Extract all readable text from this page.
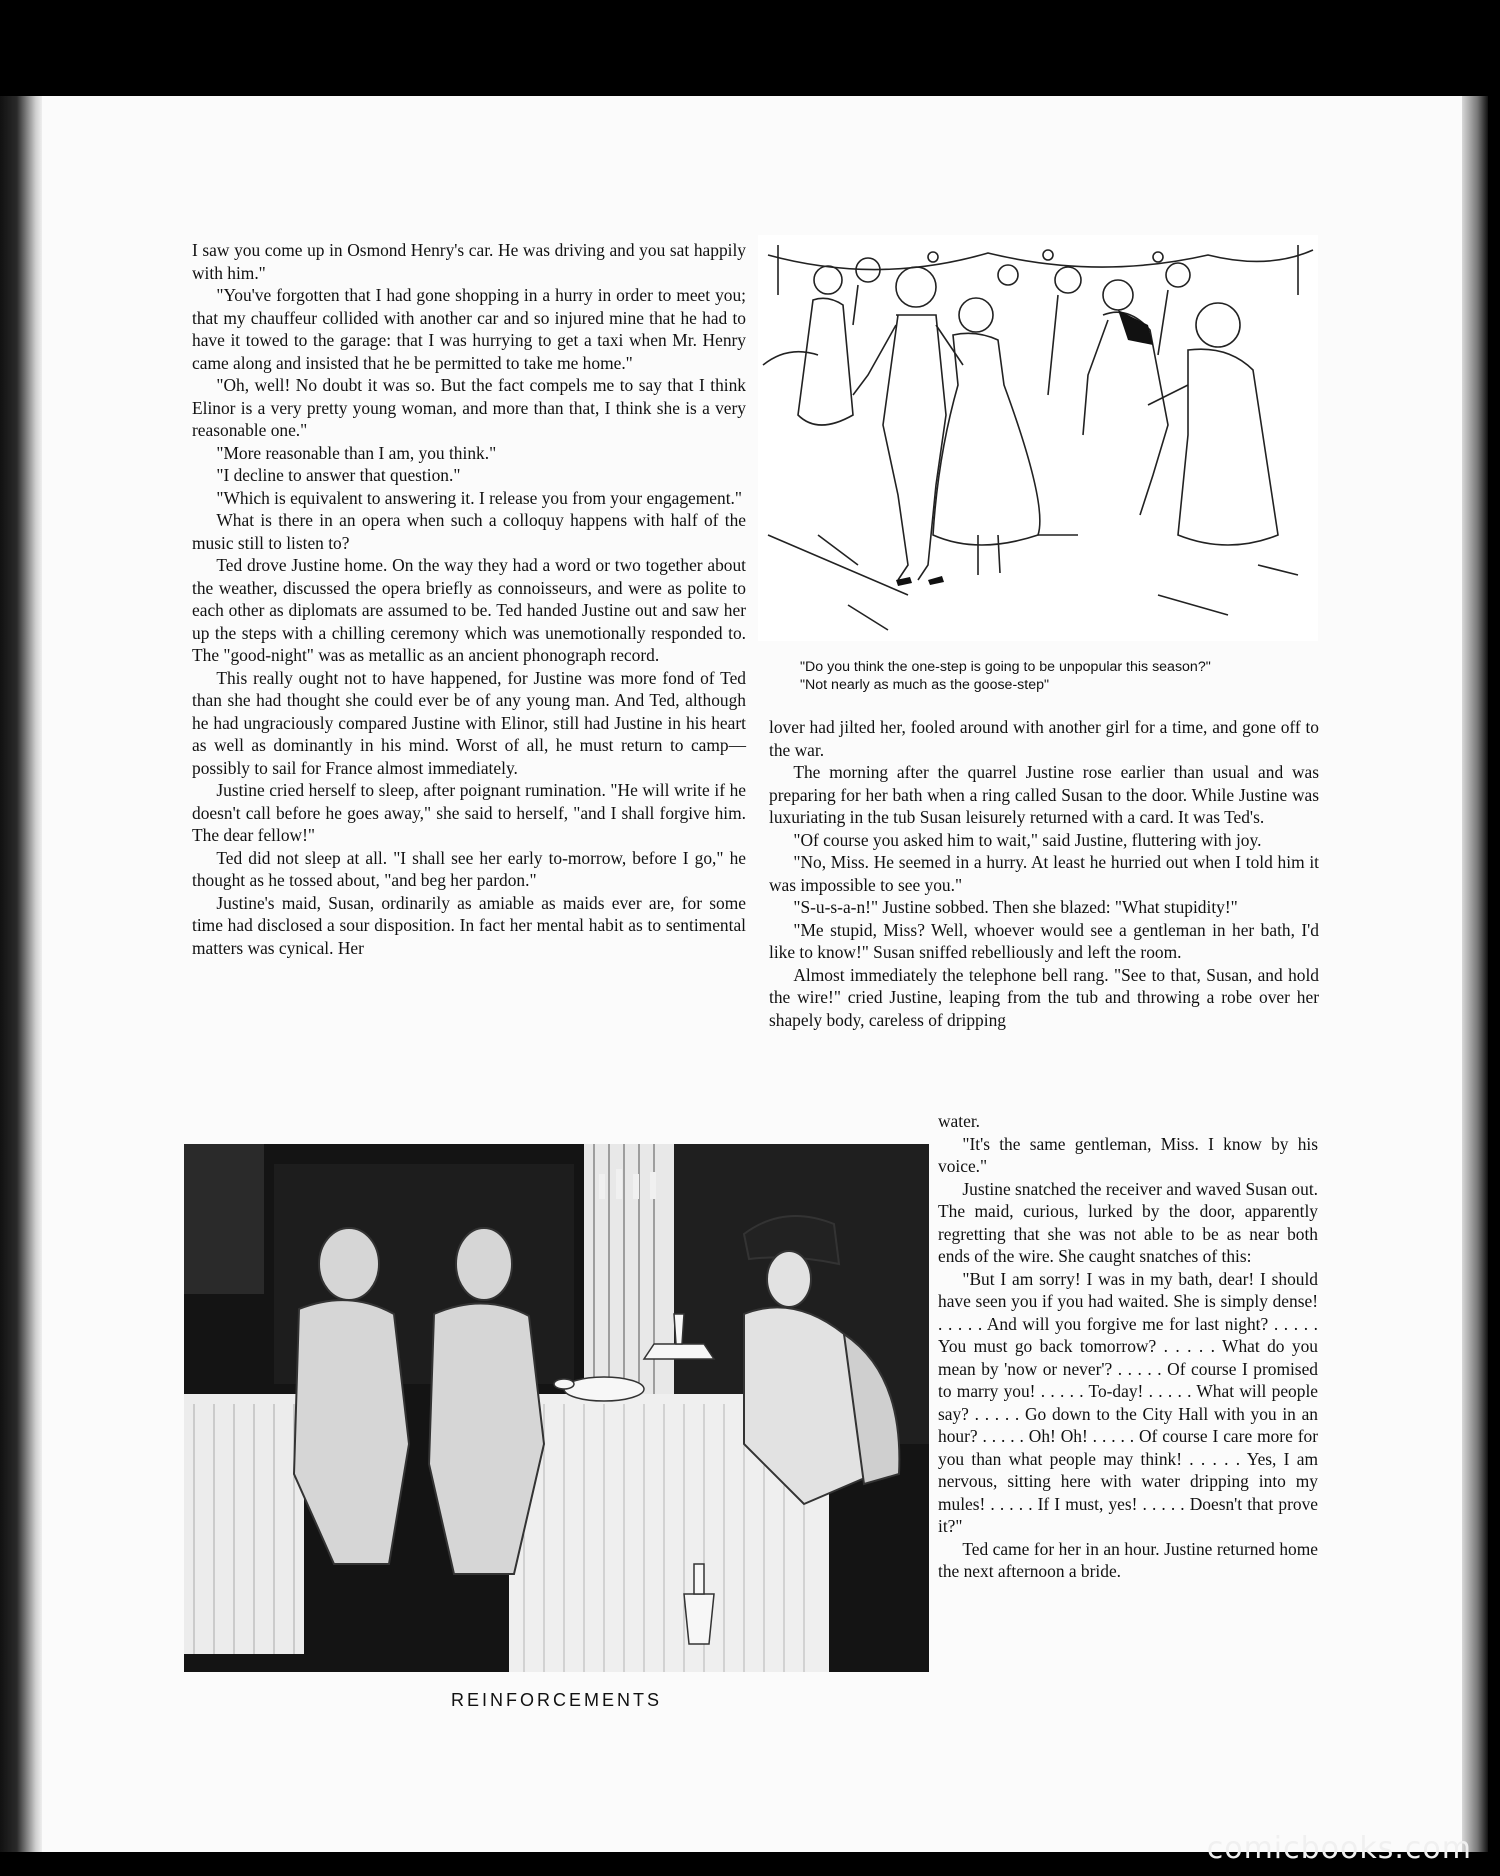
I saw you come up in Osmond Henry's car. He was driving and you sat happily with him."

"You've forgotten that I had gone shopping in a hurry in order to meet you; that my chauffeur collided with another car and so injured mine that he had to have it towed to the garage: that I was hurrying to get a taxi when Mr. Henry came along and insisted that he be permitted to take me home."

"Oh, well! No doubt it was so. But the fact compels me to say that I think Elinor is a very pretty young woman, and more than that, I think she is a very reasonable one."

"More reasonable than I am, you think."

"I decline to answer that question."

"Which is equivalent to answering it. I release you from your engagement."

What is there in an opera when such a colloquy happens with half of the music still to listen to?

Ted drove Justine home. On the way they had a word or two together about the weather, discussed the opera briefly as connoisseurs, and were as polite to each other as diplomats are assumed to be. Ted handed Justine out and saw her up the steps with a chilling ceremony which was unemotionally responded to. The "good-night" was as metallic as an ancient phonograph record.

This really ought not to have happened, for Justine was more fond of Ted than she had thought she could ever be of any young man. And Ted, although he had ungraciously compared Justine with Elinor, still had Justine in his heart as well as dominantly in his mind. Worst of all, he must return to camp—possibly to sail for France almost immediately.

Justine cried herself to sleep, after poignant rumination. "He will write if he doesn't call before he goes away," she said to herself, "and I shall forgive him. The dear fellow!"

Ted did not sleep at all. "I shall see her early to-morrow, before I go," he thought as he tossed about, "and beg her pardon."

Justine's maid, Susan, ordinarily as amiable as maids ever are, for some time had disclosed a sour disposition. In fact her mental habit as to sentimental matters was cynical. Her

"Do you think the one-step is going to be unpopular this season?"
"Not nearly as much as the goose-step"

lover had jilted her, fooled around with another girl for a time, and gone off to the war.

The morning after the quarrel Justine rose earlier than usual and was preparing for her bath when a ring called Susan to the door. While Justine was luxuriating in the tub Susan leisurely returned with a card. It was Ted's.

"Of course you asked him to wait," said Justine, fluttering with joy.

"No, Miss. He seemed in a hurry. At least he hurried out when I told him it was impossible to see you."

"S-u-s-a-n!" Justine sobbed. Then she blazed: "What stupidity!"

"Me stupid, Miss? Well, whoever would see a gentleman in her bath, I'd like to know!" Susan sniffed rebelliously and left the room.

Almost immediately the telephone bell rang. "See to that, Susan, and hold the wire!" cried Justine, leaping from the tub and throwing a robe over her shapely body, careless of dripping

water.

"It's the same gentleman, Miss. I know by his voice."

Justine snatched the receiver and waved Susan out. The maid, curious, lurked by the door, apparently regretting that she was not able to be as near both ends of the wire. She caught snatches of this:

"But I am sorry! I was in my bath, dear! I should have seen you if you had waited. She is simply dense! . . . . . And will you forgive me for last night? . . . . . You must go back tomorrow? . . . . . What do you mean by 'now or never'? . . . . . Of course I promised to marry you! . . . . . To-day! . . . . . What will people say? . . . . . Go down to the City Hall with you in an hour? . . . . . Oh! Oh! . . . . . Of course I care more for you than what people may think! . . . . . Yes, I am nervous, sitting here with water dripping into my mules! . . . . . If I must, yes! . . . . . Doesn't that prove it?"

Ted came for her in an hour. Justine returned home the next afternoon a bride.

REINFORCEMENTS
comicbooks.com
